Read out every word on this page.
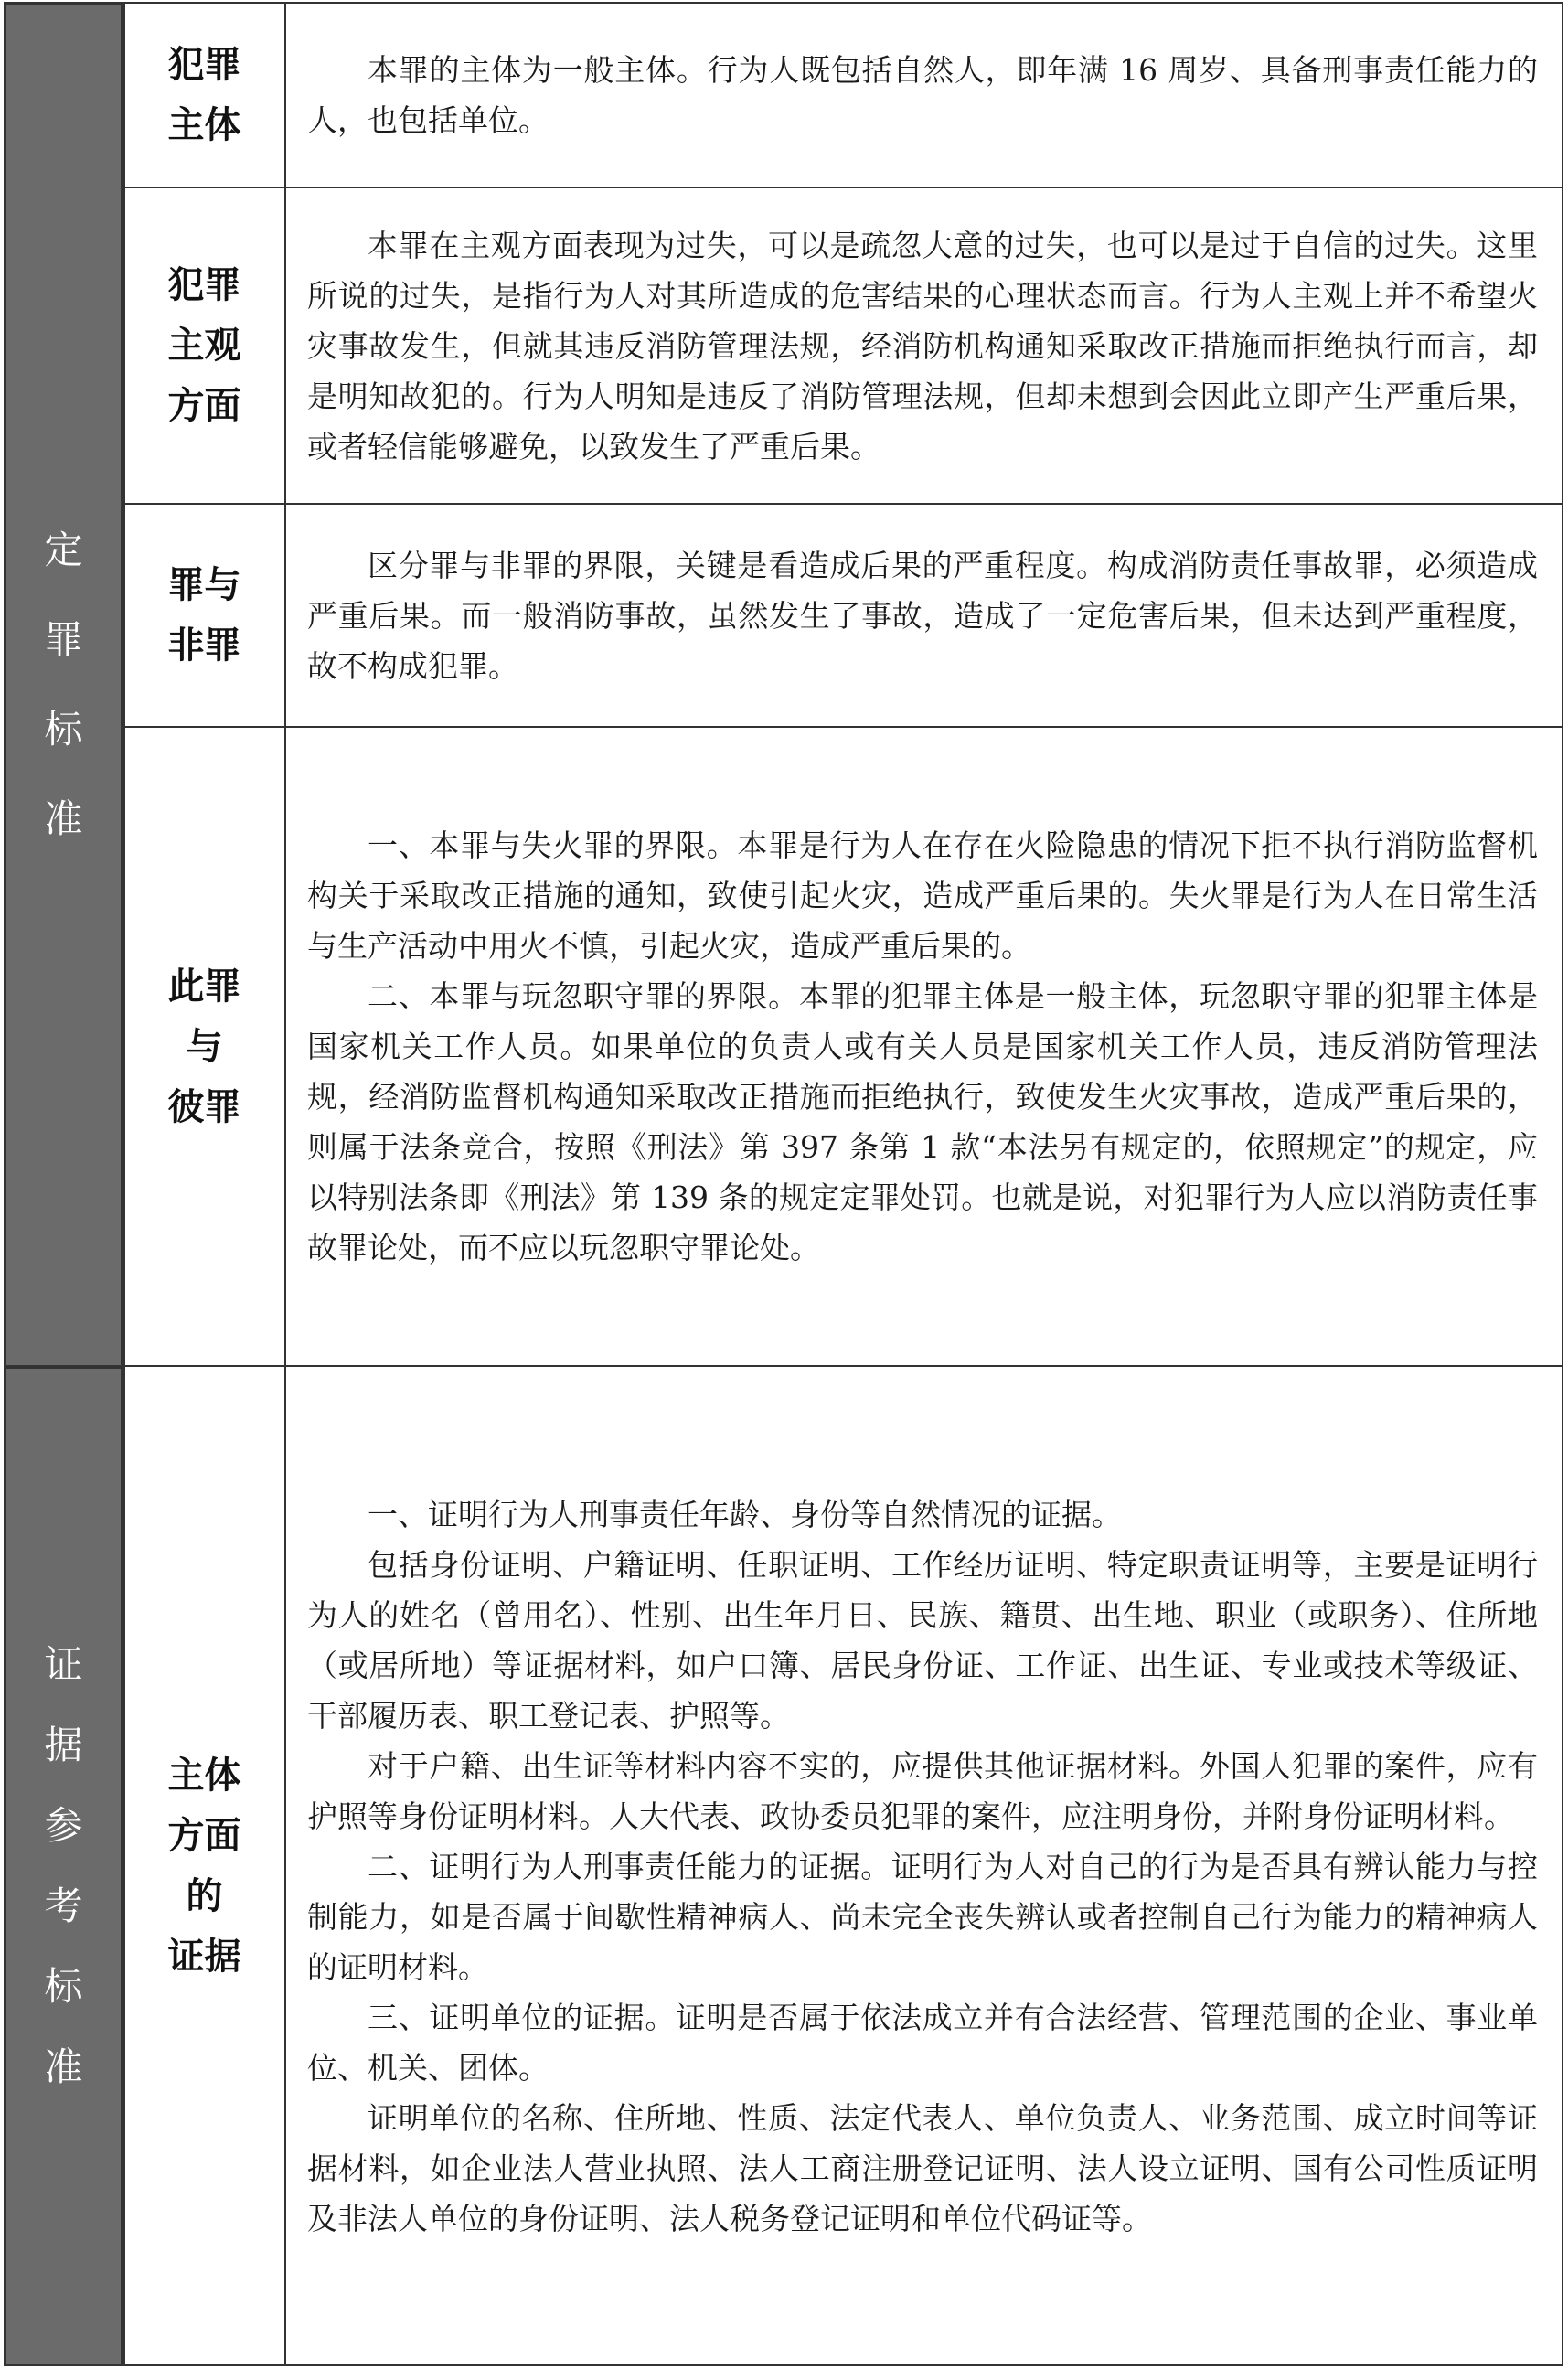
定
罪
标
准
证
据
参
考
标
准
犯罪
主体

本罪的主体为一般主体。行为人既包括自然人，即年满 16 周岁、具备刑事责任能力的人，也包括单位。

犯罪
主观
方面

本罪在主观方面表现为过失，可以是疏忽大意的过失，也可以是过于自信的过失。这里所说的过失，是指行为人对其所造成的危害结果的心理状态而言。行为人主观上并不希望火灾事故发生，但就其违反消防管理法规，经消防机构通知采取改正措施而拒绝执行而言，却是明知故犯的。行为人明知是违反了消防管理法规，但却未想到会因此立即产生严重后果，或者轻信能够避免，以致发生了严重后果。

罪与
非罪

区分罪与非罪的界限，关键是看造成后果的严重程度。构成消防责任事故罪，必须造成严重后果。而一般消防事故，虽然发生了事故，造成了一定危害后果，但未达到严重程度，故不构成犯罪。

此罪
与
彼罪

一、本罪与失火罪的界限。本罪是行为人在存在火险隐患的情况下拒不执行消防监督机构关于采取改正措施的通知，致使引起火灾，造成严重后果的。失火罪是行为人在日常生活与生产活动中用火不慎，引起火灾，造成严重后果的。

二、本罪与玩忽职守罪的界限。本罪的犯罪主体是一般主体，玩忽职守罪的犯罪主体是国家机关工作人员。如果单位的负责人或有关人员是国家机关工作人员，违反消防管理法规，经消防监督机构通知采取改正措施而拒绝执行，致使发生火灾事故，造成严重后果的，则属于法条竞合，按照《刑法》第 397 条第 1 款“本法另有规定的，依照规定”的规定，应以特别法条即《刑法》第 139 条的规定定罪处罚。也就是说，对犯罪行为人应以消防责任事故罪论处，而不应以玩忽职守罪论处。

主体
方面
的
证据

一、证明行为人刑事责任年龄、身份等自然情况的证据。

包括身份证明、户籍证明、任职证明、工作经历证明、特定职责证明等，主要是证明行为人的姓名（曾用名）、性别、出生年月日、民族、籍贯、出生地、职业（或职务）、住所地（或居所地）等证据材料，如户口簿、居民身份证、工作证、出生证、专业或技术等级证、干部履历表、职工登记表、护照等。

对于户籍、出生证等材料内容不实的，应提供其他证据材料。外国人犯罪的案件，应有护照等身份证明材料。人大代表、政协委员犯罪的案件，应注明身份，并附身份证明材料。

二、证明行为人刑事责任能力的证据。证明行为人对自己的行为是否具有辨认能力与控制能力，如是否属于间歇性精神病人、尚未完全丧失辨认或者控制自己行为能力的精神病人的证明材料。

三、证明单位的证据。证明是否属于依法成立并有合法经营、管理范围的企业、事业单位、机关、团体。

证明单位的名称、住所地、性质、法定代表人、单位负责人、业务范围、成立时间等证据材料，如企业法人营业执照、法人工商注册登记证明、法人设立证明、国有公司性质证明及非法人单位的身份证明、法人税务登记证明和单位代码证等。
